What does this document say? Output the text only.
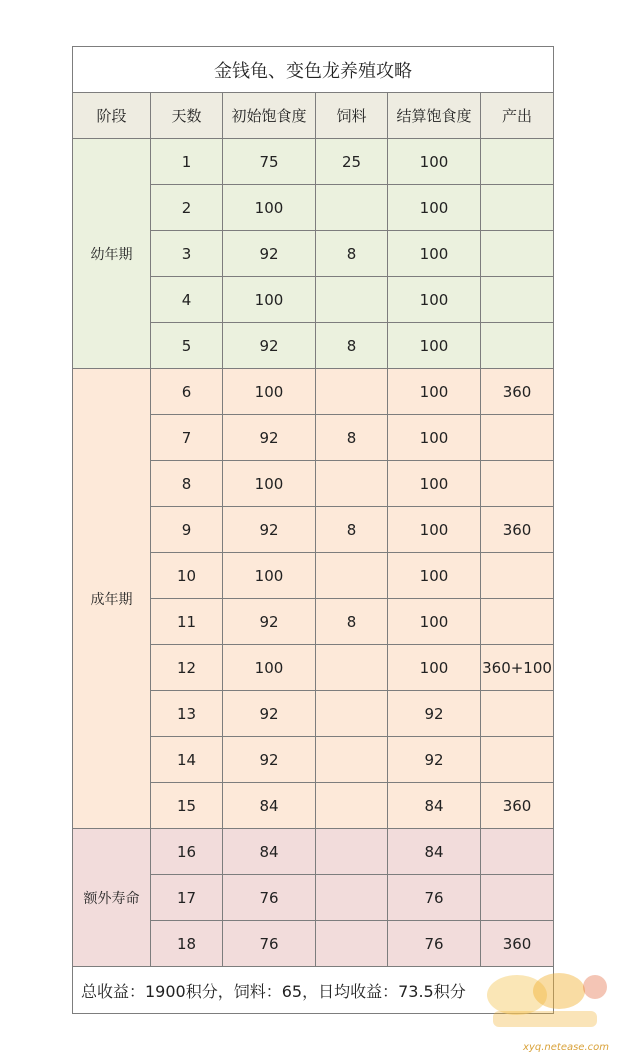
金钱龟、变色龙养殖攻略					
阶段	天数	初始饱食度	饲料	结算饱食度	产出
幼年期	1	75	25	100	
	2	100		100	
	3	92	8	100	
	4	100		100	
	5	92	8	100	
成年期	6	100		100	360
	7	92	8	100	
	8	100		100	
	9	92	8	100	360
	10	100		100	
	11	92	8	100	
	12	100		100	360+100
	13	92		92	
	14	92		92	
	15	84		84	360
额外寿命	16	84		84	
	17	76		76	
	18	76		76	360
总收益：1900积分，饲料：65，日均收益：73.5积分					
xyq.netease.com
